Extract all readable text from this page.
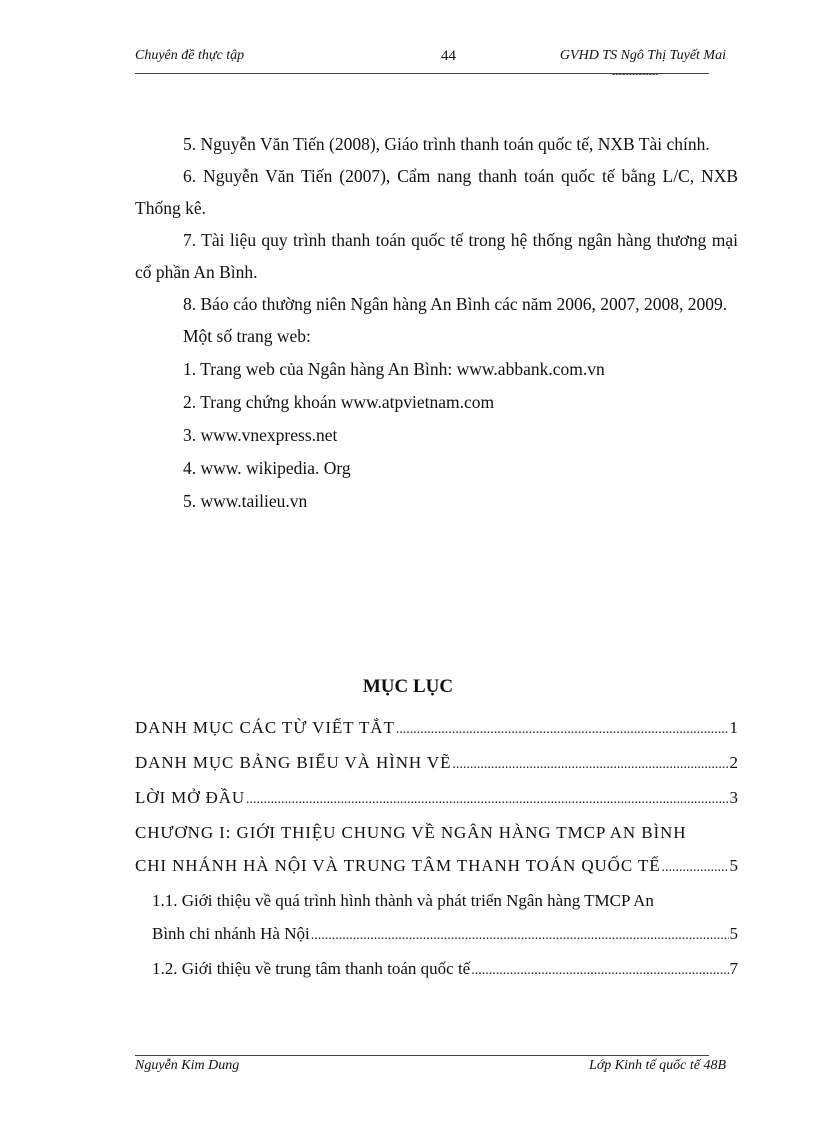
Chuyên đề thực tập	44	GVHD TS Ngô Thị Tuyết Mai
--------------

5. Nguyễn Văn Tiến (2008), Giáo trình thanh toán quốc tế, NXB Tài chính.

6. Nguyễn Văn Tiến (2007), Cẩm nang thanh toán quốc tế bằng L/C, NXB Thống kê.

7. Tài liệu quy trình thanh toán quốc tế trong hệ thống ngân hàng thương mại cổ phần An Bình.

8. Báo cáo thường niên Ngân hàng An Bình các năm 2006, 2007, 2008, 2009.

Một số trang web:

1. Trang web của Ngân hàng An Bình: www.abbank.com.vn

2. Trang chứng khoán www.atpvietnam.com

3. www.vnexpress.net

4. www. wikipedia. Org

5. www.tailieu.vn

MỤC LỤC
DANH MỤC CÁC TỪ VIẾT TẮT .....	1
DANH MỤC BẢNG BIỂU VÀ HÌNH VẼ .....	2
LỜI MỞ ĐẦU .....	3
CHƯƠNG I: GIỚI THIỆU CHUNG VỀ NGÂN HÀNG TMCP AN BÌNH
CHI NHÁNH HÀ NỘI VÀ TRUNG TÂM THANH TOÁN QUỐC TẾ .....	5
1.1. Giới thiệu về quá trình hình thành và phát triển Ngân hàng TMCP An
Bình chi nhánh Hà Nội .....	5
1.2. Giới thiệu về trung tâm thanh toán quốc tế .....	7
Nguyễn Kim Dung	Lớp Kinh tế quốc tế 48B
